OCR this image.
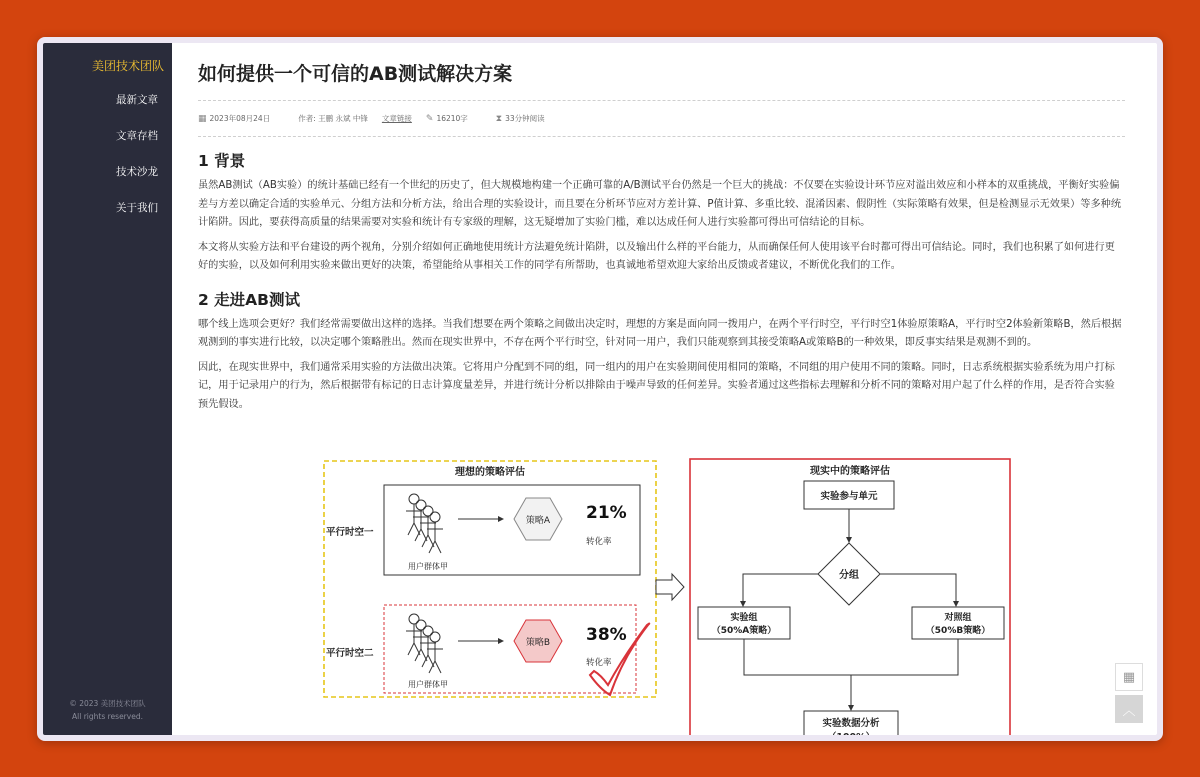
美团技术团队
最新文章
文章存档
技术沙龙
关于我们
© 2023 美团技术团队
All rights reserved.
如何提供一个可信的AB测试解决方案
▦ 2023年08月24日	作者: 王鹏 永斌 中锋 文章链接 ✎ 16210字	⧗ 33分钟阅读
1 背景

虽然AB测试（AB实验）的统计基础已经有一个世纪的历史了，但大规模地构建一个正确可靠的A/B测试平台仍然是一个巨大的挑战：不仅要在实验设计环节应对溢出效应和小样本的双重挑战，平衡好实验偏差与方差以确定合适的实验单元、分组方法和分析方法，给出合理的实验设计，而且要在分析环节应对方差计算、P值计算、多重比较、混淆因素、假阴性（实际策略有效果，但是检测显示无效果）等多种统计陷阱。因此，要获得高质量的结果需要对实验和统计有专家级的理解，这无疑增加了实验门槛，难以达成任何人进行实验都可得出可信结论的目标。

本文将从实验方法和平台建设的两个视角，分别介绍如何正确地使用统计方法避免统计陷阱，以及输出什么样的平台能力，从而确保任何人使用该平台时都可得出可信结论。同时，我们也积累了如何进行更好的实验，以及如何利用实验来做出更好的决策，希望能给从事相关工作的同学有所帮助，也真诚地希望欢迎大家给出反馈或者建议，不断优化我们的工作。

2 走进AB测试

哪个线上选项会更好？我们经常需要做出这样的选择。当我们想要在两个策略之间做出决定时，理想的方案是面向同一拨用户，在两个平行时空，平行时空1体验原策略A，平行时空2体验新策略B，然后根据观测到的事实进行比较，以决定哪个策略胜出。然而在现实世界中，不存在两个平行时空，针对同一用户，我们只能观察到其接受策略A或策略B的一种效果，即反事实结果是观测不到的。

因此，在现实世界中，我们通常采用实验的方法做出决策。它将用户分配到不同的组，同一组内的用户在实验期间使用相同的策略，不同组的用户使用不同的策略。同时，日志系统根据实验系统为用户打标记，用于记录用户的行为，然后根据带有标记的日志计算度量差异，并进行统计分析以排除由于噪声导致的任何差异。实验者通过这些指标去理解和分析不同的策略对用户起了什么样的作用，是否符合实验预先假设。

理想的策略评估
平行时空一
用户群体甲
策略A 21%
转化率
平行时空二
用户群体甲
策略B 38%
转化率
现实中的策略评估
实验参与单元
分组
实验组
（50%A策略）
对照组
（50%B策略）
实验数据分析
（100%）
▦
︿
